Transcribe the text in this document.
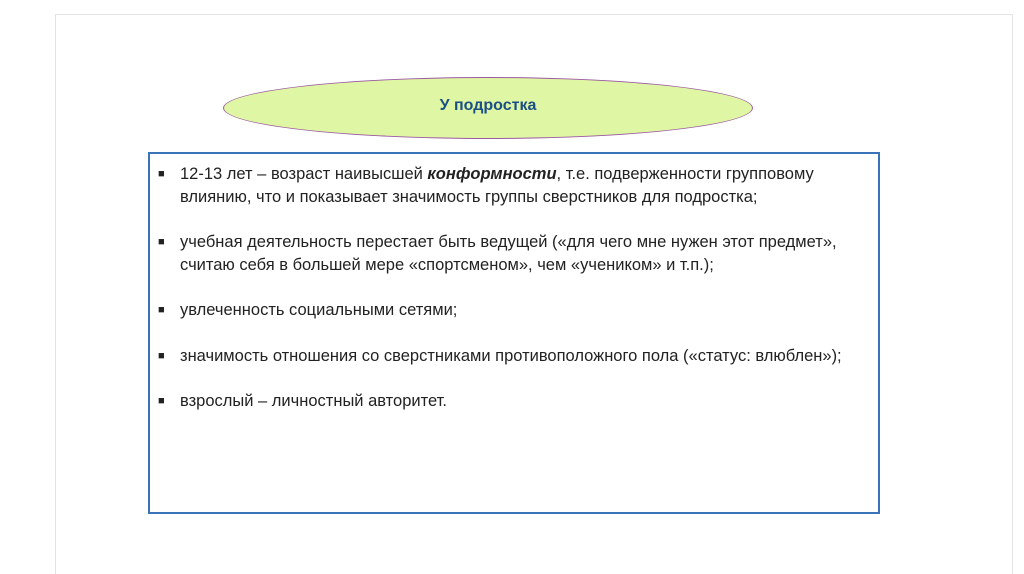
У подростка
■ 12-13 лет – возраст наивысшей конформности, т.е. подверженности групповому влиянию, что и показывает значимость группы сверстников для подростка;
■ учебная деятельность перестает быть ведущей («для чего мне нужен этот предмет», считаю себя в большей мере «спортсменом», чем «учеником» и т.п.);
■ увлеченность социальными сетями;
■ значимость отношения со сверстниками противоположного пола («статус: влюблен»);
■ взрослый – личностный авторитет.
